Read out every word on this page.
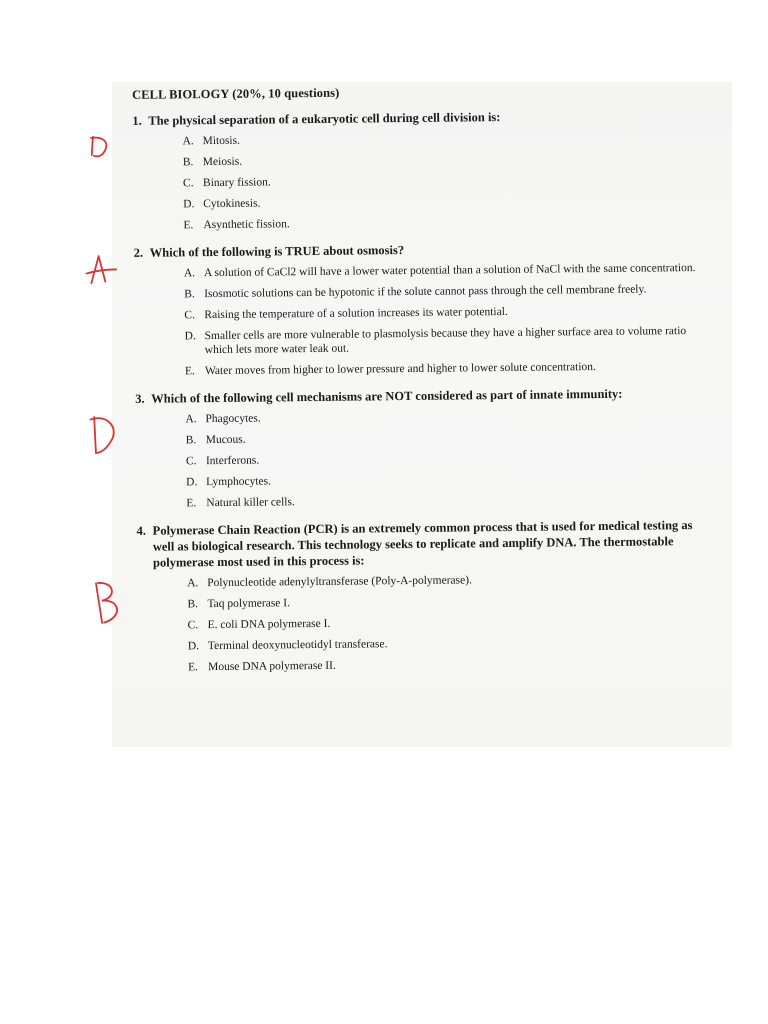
CELL BIOLOGY (20%, 10 questions)
1. The physical separation of a eukaryotic cell during cell division is:
A. Mitosis.
B. Meiosis.
C. Binary fission.
D. Cytokinesis.
E. Asynthetic fission.
2. Which of the following is TRUE about osmosis?
A. A solution of CaCl2 will have a lower water potential than a solution of NaCl with the same concentration.
B. Isosmotic solutions can be hypotonic if the solute cannot pass through the cell membrane freely.
C. Raising the temperature of a solution increases its water potential.
D. Smaller cells are more vulnerable to plasmolysis because they have a higher surface area to volume ratio which lets more water leak out.
E. Water moves from higher to lower pressure and higher to lower solute concentration.
3. Which of the following cell mechanisms are NOT considered as part of innate immunity:
A. Phagocytes.
B. Mucous.
C. Interferons.
D. Lymphocytes.
E. Natural killer cells.
4. Polymerase Chain Reaction (PCR) is an extremely common process that is used for medical testing as well as biological research. This technology seeks to replicate and amplify DNA. The thermostable polymerase most used in this process is:
A. Polynucleotide adenylyltransferase (Poly-A-polymerase).
B. Taq polymerase I.
C. E. coli DNA polymerase I.
D. Terminal deoxynucleotidyl transferase.
E. Mouse DNA polymerase II.
